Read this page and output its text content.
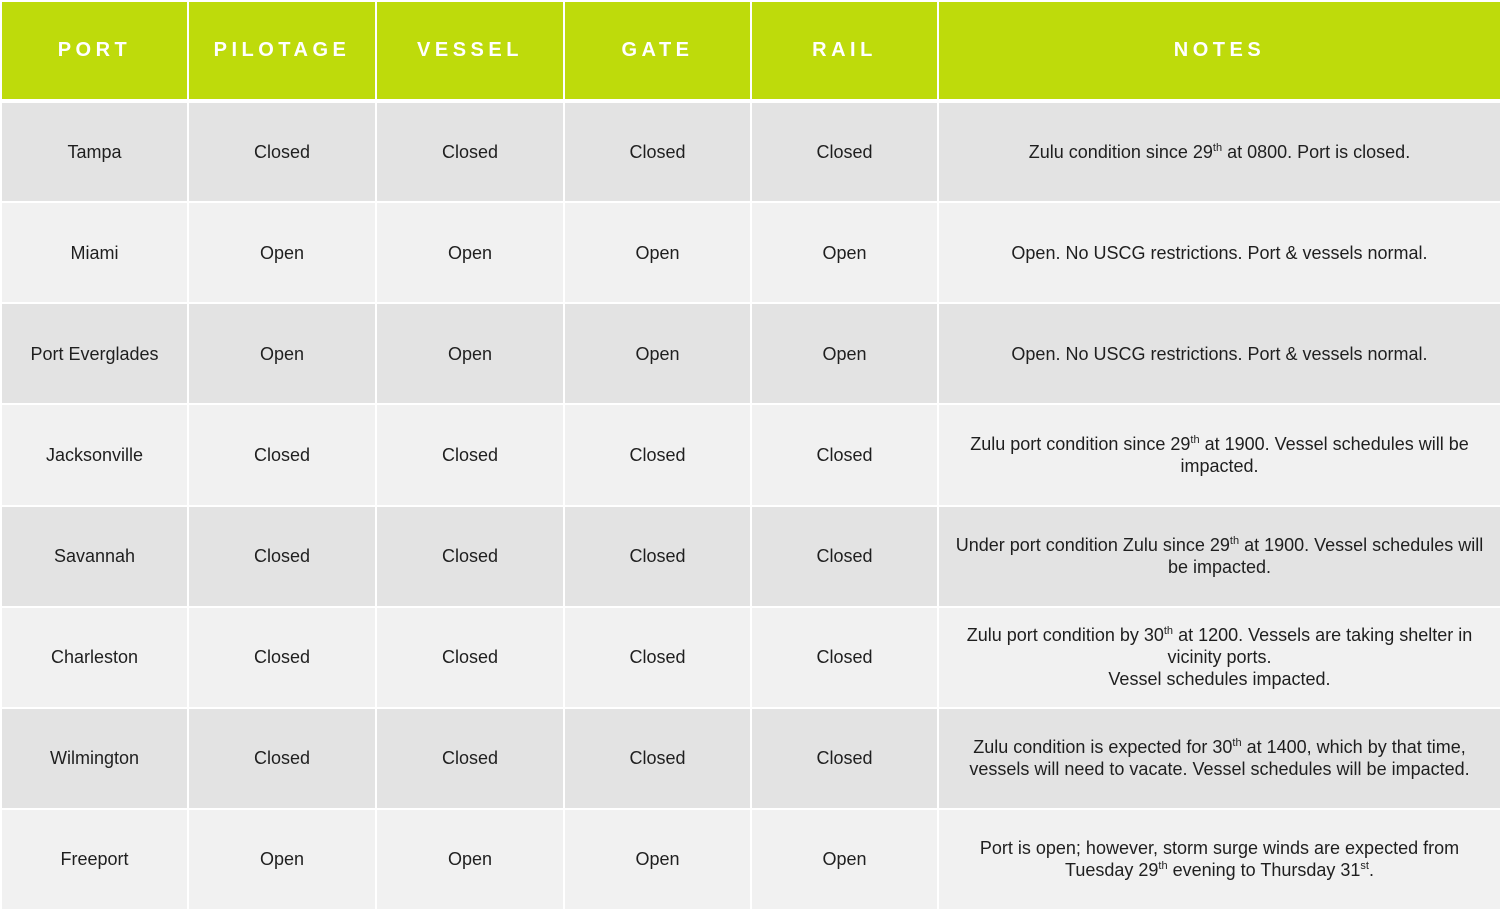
PORT	PILOTAGE	VESSEL	GATE	RAIL	NOTES
Tampa	Closed	Closed	Closed	Closed	Zulu condition since 29th at 0800. Port is closed.

Miami	Open	Open	Open	Open	Open. No USCG restrictions. Port & vessels normal.

Port Everglades	Open	Open	Open	Open	Open. No USCG restrictions. Port & vessels normal.

Jacksonville	Closed	Closed	Closed	Closed	Zulu port condition since 29th at 1900. Vessel schedules will be impacted.

Savannah	Closed	Closed	Closed	Closed	Under port condition Zulu since 29th at 1900. Vessel schedules will be impacted.

Charleston	Closed	Closed	Closed	Closed	Zulu port condition by 30th at 1200. Vessels are taking shelter in vicinity ports.
Vessel schedules impacted.

Wilmington	Closed	Closed	Closed	Closed	Zulu condition is expected for 30th at 1400, which by that time, vessels will need to vacate. Vessel schedules will be impacted.

Freeport	Open	Open	Open	Open	Port is open; however, storm surge winds are expected from Tuesday 29th evening to Thursday 31st.
